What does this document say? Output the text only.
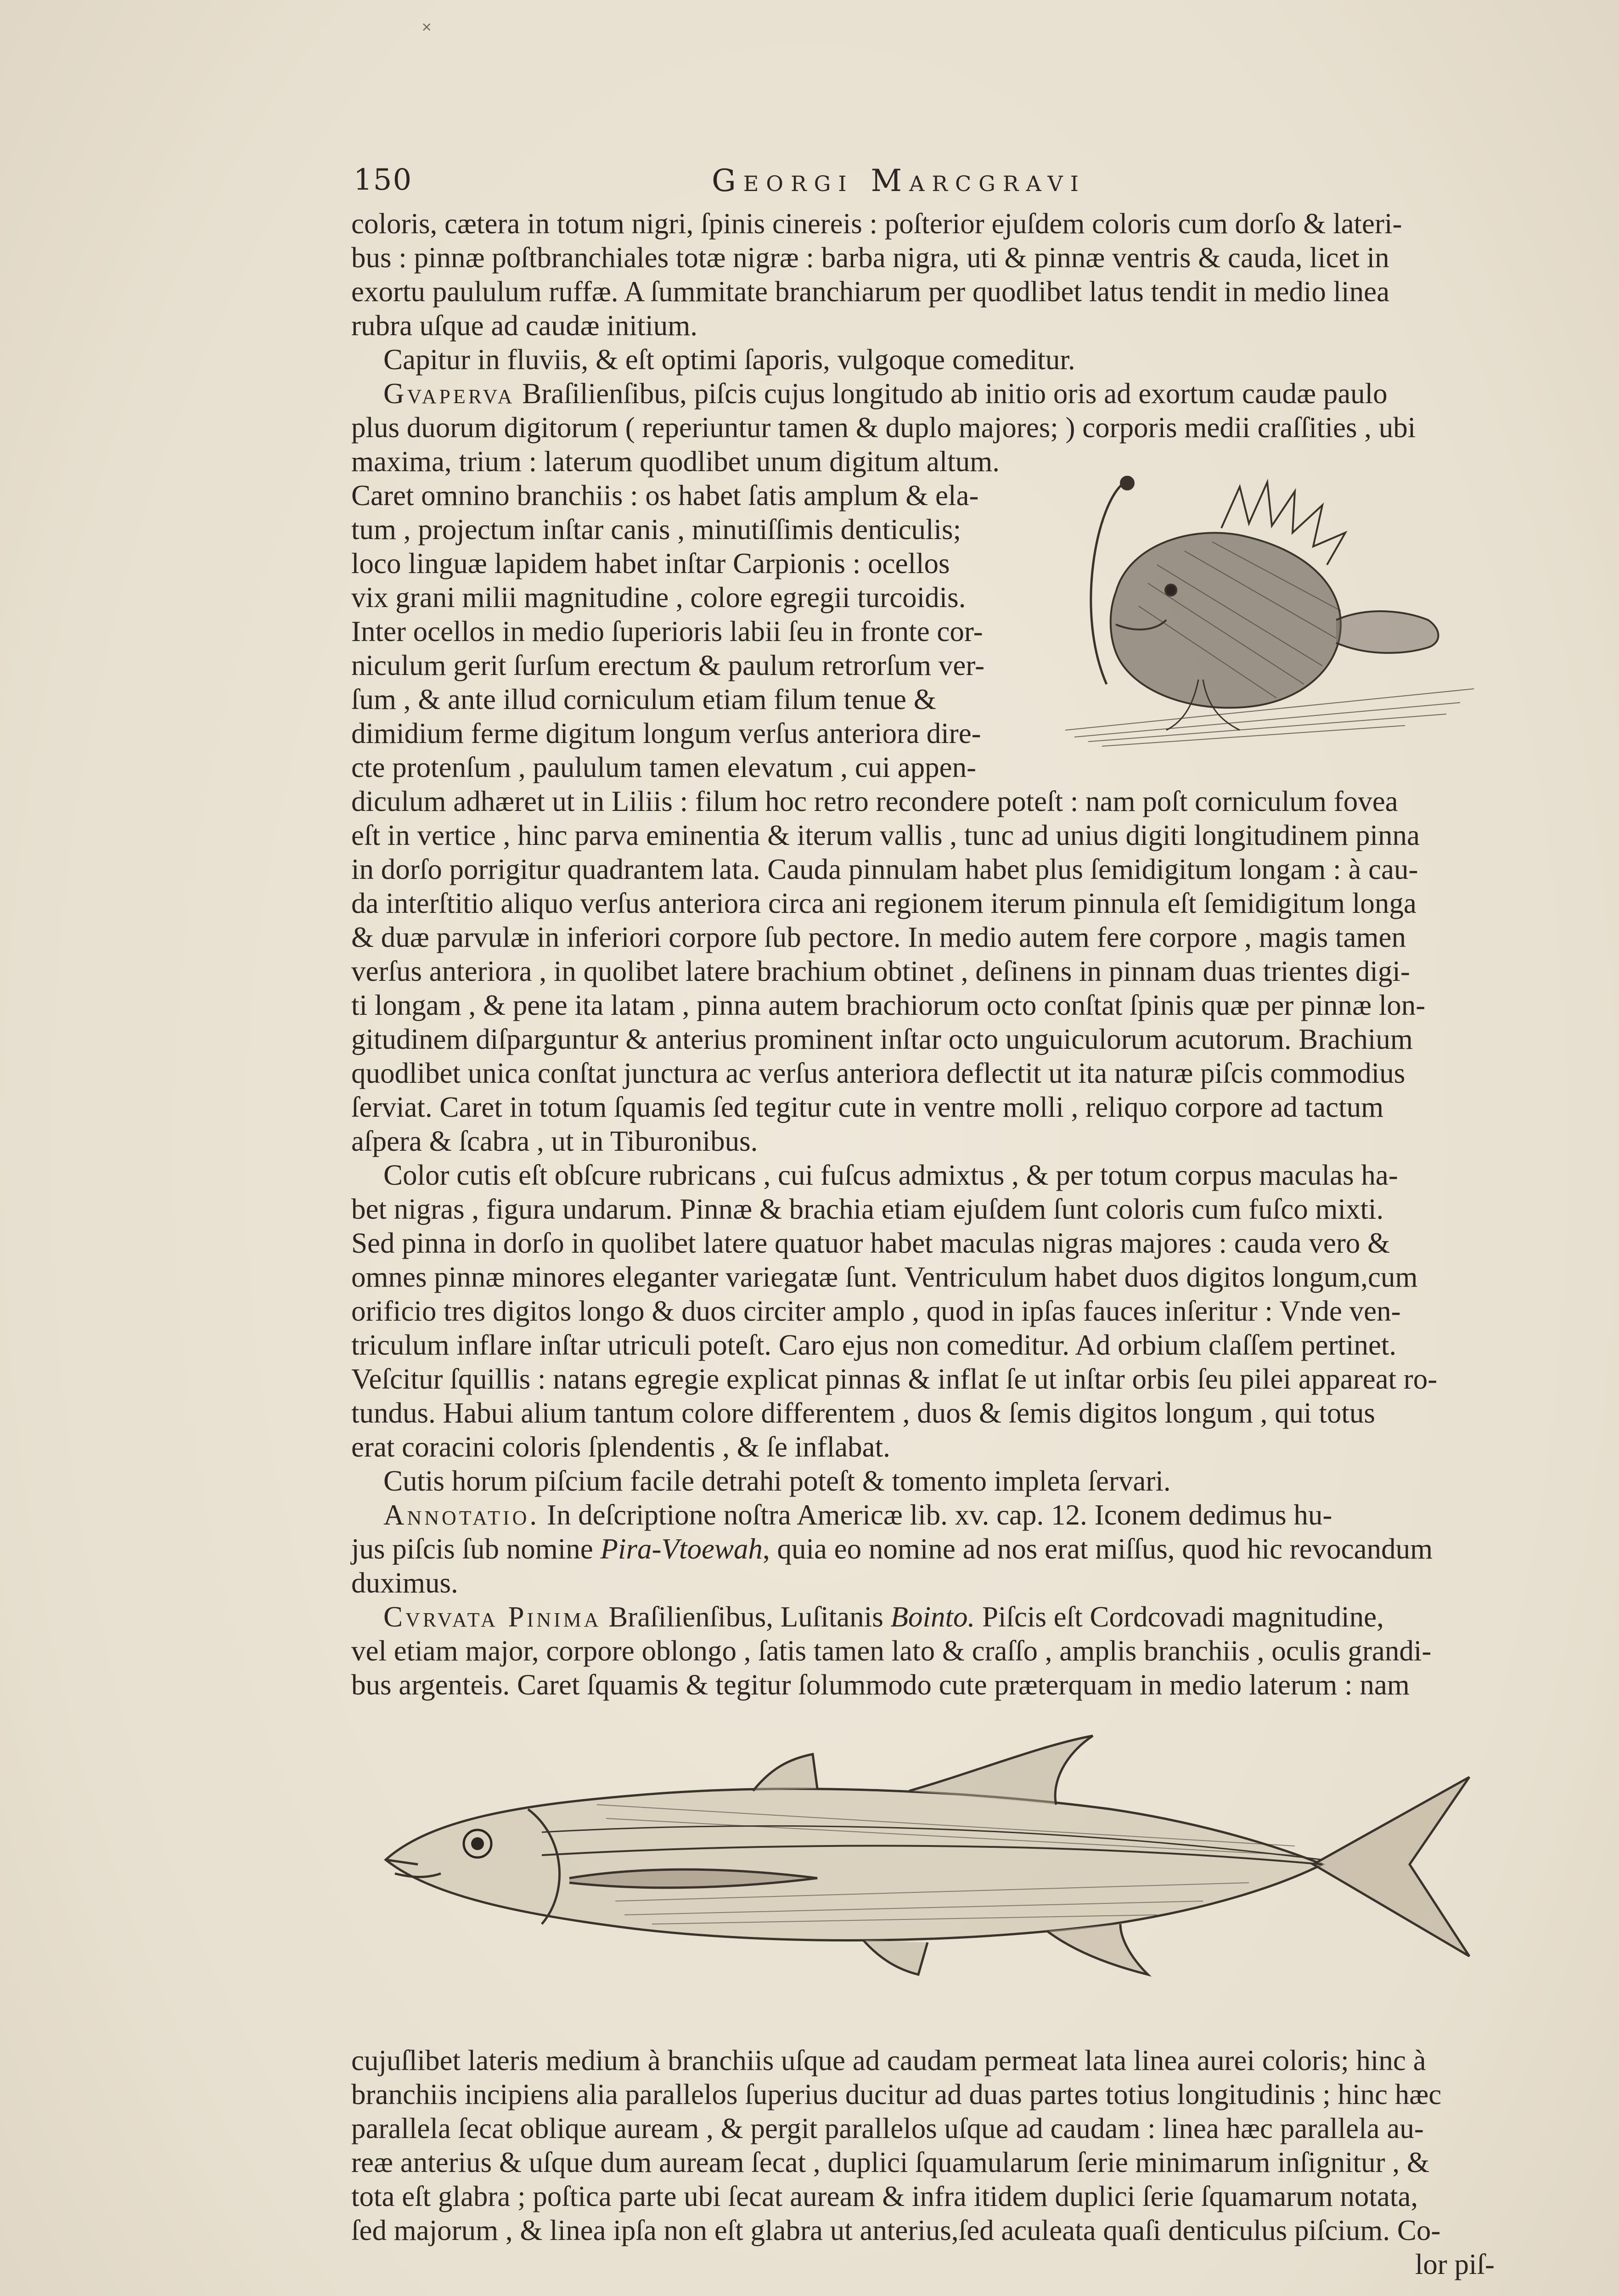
˟
150	Georgi Marcgravi
coloris, cætera in totum nigri, ſpinis cinereis : poſterior ejuſdem coloris cum dorſo & lateri-
bus : pinnæ poſtbranchiales totæ nigræ : barba nigra, uti & pinnæ ventris & cauda, licet in
exortu paululum ruffæ. A ſummitate branchiarum per quodlibet latus tendit in medio linea
rubra uſque ad caudæ initium.
Capitur in fluviis, & eſt optimi ſaporis, vulgoque comeditur.
Gvaperva Braſilienſibus, piſcis cujus longitudo ab initio oris ad exortum caudæ paulo
plus duorum digitorum ( reperiuntur tamen & duplo majores; ) corporis medii craſſities , ubi
maxima, trium : laterum quodlibet unum digitum altum.
Caret omnino branchiis : os habet ſatis amplum & ela-
tum , projectum inſtar canis , minutiſſimis denticulis;
loco linguæ lapidem habet inſtar Carpionis : ocellos
vix grani milii magnitudine , colore egregii turcoidis.
Inter ocellos in medio ſuperioris labii ſeu in fronte cor-
niculum gerit ſurſum erectum & paulum retrorſum ver-
ſum , & ante illud corniculum etiam filum tenue &
dimidium ferme digitum longum verſus anteriora dire-
cte protenſum , paululum tamen elevatum , cui appen-
diculum adhæret ut in Liliis : filum hoc retro recondere poteſt : nam poſt corniculum fovea
eſt in vertice , hinc parva eminentia & iterum vallis , tunc ad unius digiti longitudinem pinna
in dorſo porrigitur quadrantem lata. Cauda pinnulam habet plus ſemidigitum longam : à cau-
da interſtitio aliquo verſus anteriora circa ani regionem iterum pinnula eſt ſemidigitum longa
& duæ parvulæ in inferiori corpore ſub pectore. In medio autem fere corpore , magis tamen
verſus anteriora , in quolibet latere brachium obtinet , deſinens in pinnam duas trientes digi-
ti longam , & pene ita latam , pinna autem brachiorum octo conſtat ſpinis quæ per pinnæ lon-
gitudinem diſparguntur & anterius prominent inſtar octo unguiculorum acutorum. Brachium
quodlibet unica conſtat junctura ac verſus anteriora deflectit ut ita naturæ piſcis commodius
ſerviat. Caret in totum ſquamis ſed tegitur cute in ventre molli , reliquo corpore ad tactum
aſpera & ſcabra , ut in Tiburonibus.
Color cutis eſt obſcure rubricans , cui fuſcus admixtus , & per totum corpus maculas ha-
bet nigras , figura undarum. Pinnæ & brachia etiam ejuſdem ſunt coloris cum fuſco mixti.
Sed pinna in dorſo in quolibet latere quatuor habet maculas nigras majores : cauda vero &
omnes pinnæ minores eleganter variegatæ ſunt. Ventriculum habet duos digitos longum,cum
orificio tres digitos longo & duos circiter amplo , quod in ipſas fauces inſeritur : Vnde ven-
triculum inflare inſtar utriculi poteſt. Caro ejus non comeditur. Ad orbium claſſem pertinet.
Veſcitur ſquillis : natans egregie explicat pinnas & inflat ſe ut inſtar orbis ſeu pilei appareat ro-
tundus. Habui alium tantum colore differentem , duos & ſemis digitos longum , qui totus
erat coracini coloris ſplendentis , & ſe inflabat.
Cutis horum piſcium facile detrahi poteſt & tomento impleta ſervari.
Annotatio. In deſcriptione noſtra Americæ lib. xv. cap. 12. Iconem dedimus hu-
jus piſcis ſub nomine Pira-Vtoewah, quia eo nomine ad nos erat miſſus, quod hic revocandum
duximus.
Cvrvata Pinima Braſilienſibus, Luſitanis Bointo. Piſcis eſt Cordcovadi magnitudine,
vel etiam major, corpore oblongo , ſatis tamen lato & craſſo , amplis branchiis , oculis grandi-
bus argenteis. Caret ſquamis & tegitur ſolummodo cute præterquam in medio laterum : nam
cujuſlibet lateris medium à branchiis uſque ad caudam permeat lata linea aurei coloris; hinc à
branchiis incipiens alia parallelos ſuperius ducitur ad duas partes totius longitudinis ; hinc hæc
parallela ſecat oblique auream , & pergit parallelos uſque ad caudam : linea hæc parallela au-
reæ anterius & uſque dum auream ſecat , duplici ſquamularum ſerie minimarum inſignitur , &
tota eſt glabra ; poſtica parte ubi ſecat auream & infra itidem duplici ſerie ſquamarum notata,
ſed majorum , & linea ipſa non eſt glabra ut anterius,ſed aculeata quaſi denticulus piſcium. Co-
lor piſ-
